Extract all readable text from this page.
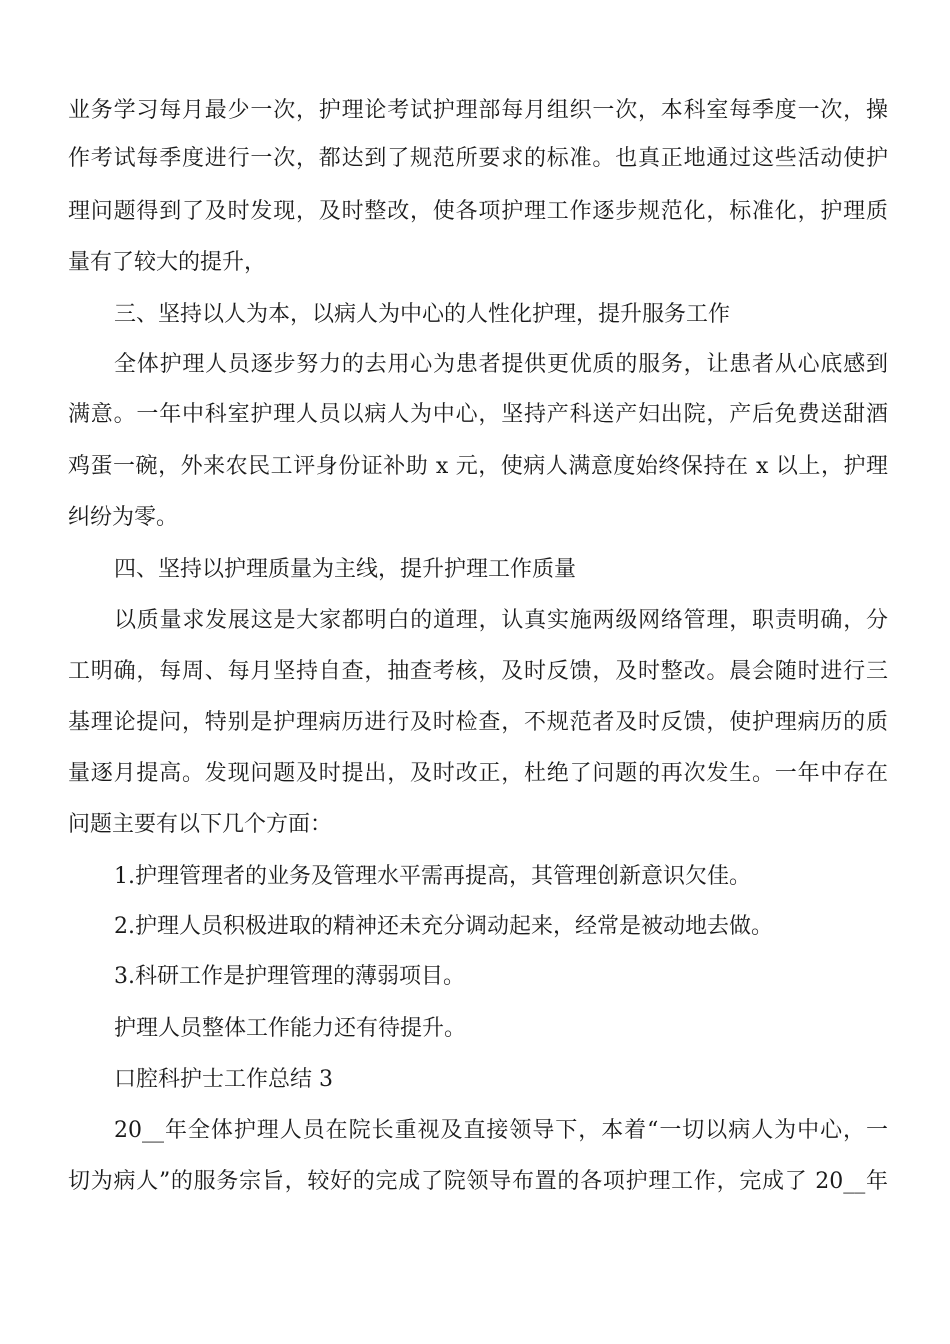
业务学习每月最少一次，护理论考试护理部每月组织一次，本科室每季度一次，操
作考试每季度进行一次，都达到了规范所要求的标准。也真正地通过这些活动使护
理问题得到了及时发现，及时整改，使各项护理工作逐步规范化，标准化，护理质
量有了较大的提升，
三、坚持以人为本，以病人为中心的人性化护理，提升服务工作
全体护理人员逐步努力的去用心为患者提供更优质的服务，让患者从心底感到
满意。一年中科室护理人员以病人为中心，坚持产科送产妇出院，产后免费送甜酒
鸡蛋一碗，外来农民工评身份证补助 x 元，使病人满意度始终保持在 x 以上，护理
纠纷为零。
四、坚持以护理质量为主线，提升护理工作质量
以质量求发展这是大家都明白的道理，认真实施两级网络管理，职责明确，分
工明确，每周、每月坚持自查，抽查考核，及时反馈，及时整改。晨会随时进行三
基理论提问，特别是护理病历进行及时检查，不规范者及时反馈，使护理病历的质
量逐月提高。发现问题及时提出，及时改正，杜绝了问题的再次发生。一年中存在
问题主要有以下几个方面：
1.护理管理者的业务及管理水平需再提高，其管理创新意识欠佳。
2.护理人员积极进取的精神还未充分调动起来，经常是被动地去做。
3.科研工作是护理管理的薄弱项目。
护理人员整体工作能力还有待提升。
口腔科护士工作总结 3
20__年全体护理人员在院长重视及直接领导下，本着“一切以病人为中心，一
切为病人”的服务宗旨，较好的完成了院领导布置的各项护理工作，完成了 20__年
